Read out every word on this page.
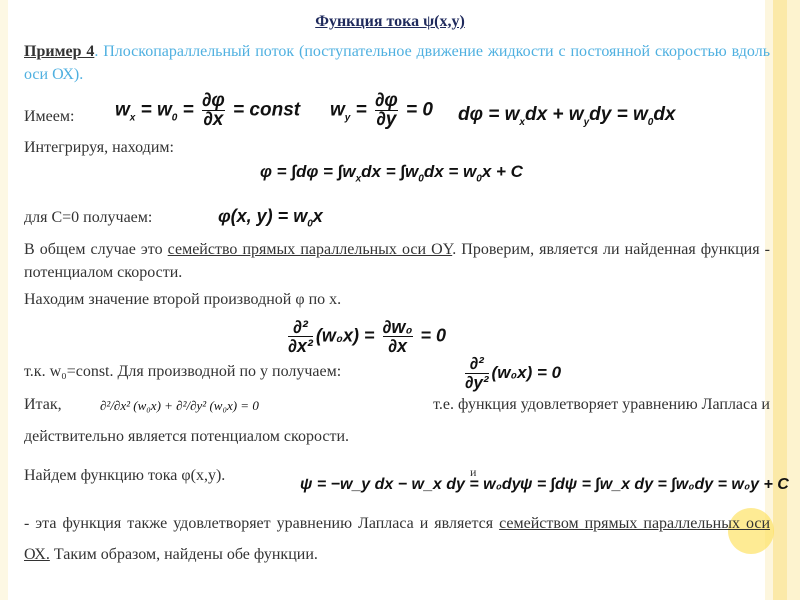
Функция тока ψ(x,y)
Пример 4. Плоскопараллельный поток (поступательное движение жидкости с постоянной скоростью вдоль оси ОХ).
Имеем: $w_x = w_0 = \frac{\partial\varphi}{\partial x}$ = const $w_y = \frac{\partial\varphi}{\partial y} = 0$ $d\varphi = w_xdx + w_ydy = w_0dx$
Интегрируя, находим:
$\varphi = \int d\varphi = \int w_xdx = \int w_0dx = w_0x + C$
для C=0 получаем:	φ(x, $y) = w_0x$
В общем случае это семейство прямых параллельных оси OY. Проверим, является ли найденная функция - потенциалом скорости.
Находим значение второй производной φ по x.
$\frac{\text{∂²}}{\text{∂x²}} (w_0x) = \frac{\text{∂w₀}}{\partial x} = 0$
т.к. w₀=const. Для производной по y получаем:	$\frac{\text{∂²}}{\text{∂y²}} (w_0x) = 0$
Итак,	∂²/∂x² (w₀x) + ∂²/∂y² (w₀x) = 0	т.е. функция удовлетворяет уравнению Лапласа и
действительно является потенциалом скорости.
Найдем функцию тока φ(x,y).
ψ = −w_y dx − w_x dy = w₀dy
и
ψ = ∫dψ = ∫w_x dy = ∫w₀dy = w₀y + C
- эта функция также удовлетворяет уравнению Лапласа и является семейством прямых параллельных оси ОХ. Таким образом, найдены обе функции.
